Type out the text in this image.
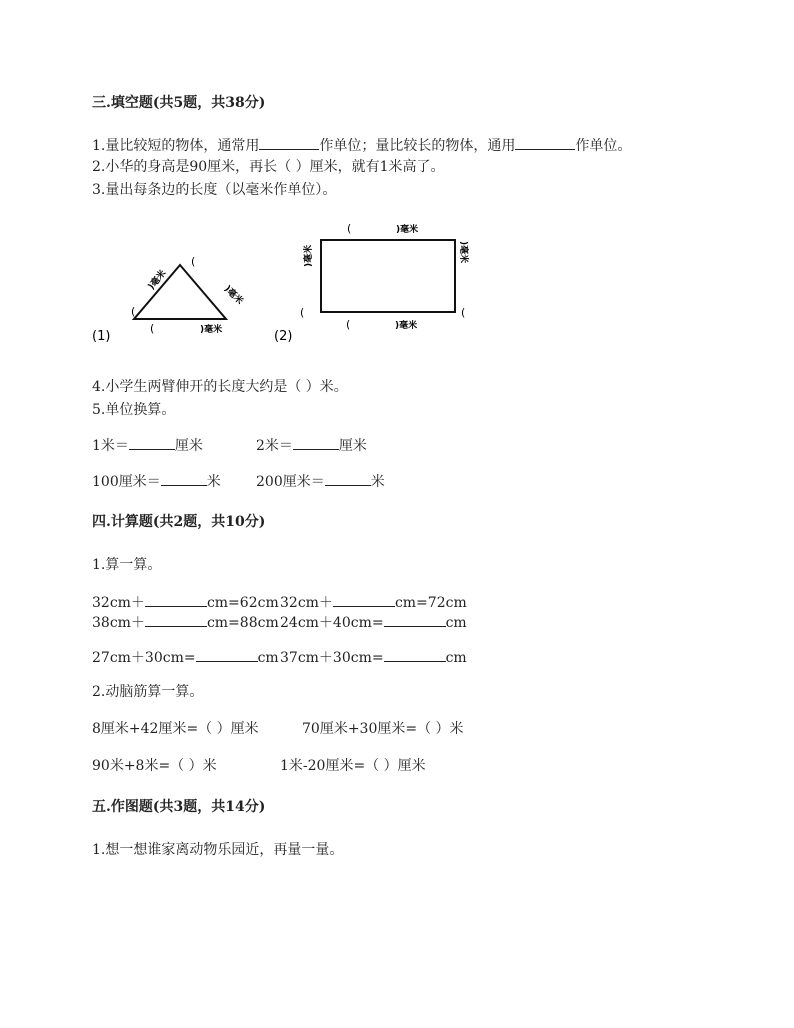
三.填空题(共5题，共38分)
1.量比较短的物体，通常用	作单位；量比较长的物体，通用	作单位。
2.小华的身高是90厘米，再长（ ）厘米，就有1米高了。
3.量出每条边的长度（以毫米作单位）。
)毫米
(
(
)毫米
(	)毫米
(1)
(	)毫米
)毫米
(
)毫米
(
(	)毫米
(2)
4.小学生两臂伸开的长度大约是（ ）米。
5.单位换算。
1米＝	厘米	2米＝	厘米
100厘米＝	米	200厘米＝	米
四.计算题(共2题，共10分)
1.算一算。
32cm＋	cm=62cm 32cm＋	cm=72cm
38cm＋	cm=88cm 24cm＋40cm=	cm
27cm＋30cm=	cm 37cm＋30cm=	cm
2.动脑筋算一算。
8厘米+42厘米=（ ）厘米	70厘米+30厘米=（ ）米
90米+8米=（ ）米	1米-20厘米=（ ）厘米
五.作图题(共3题，共14分)
1.想一想谁家离动物乐园近，再量一量。
